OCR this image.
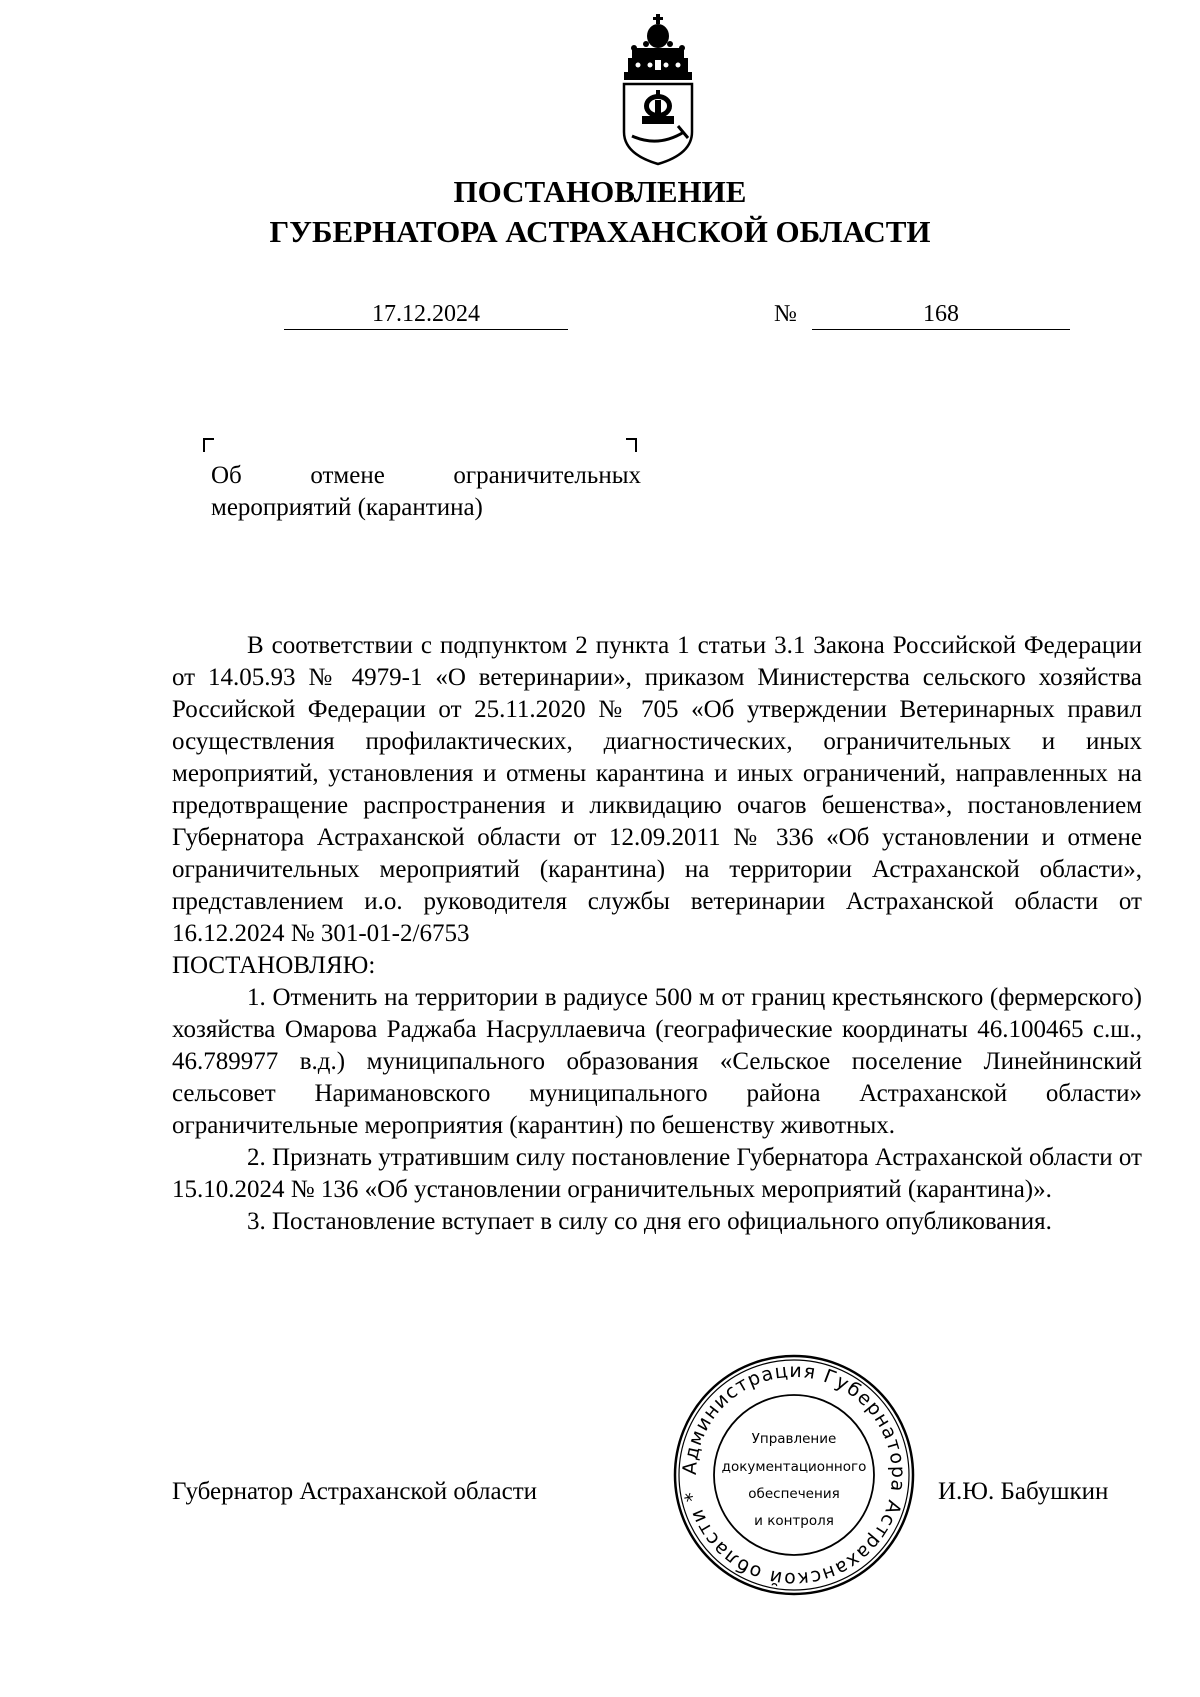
ПОСТАНОВЛЕНИЕ
ГУБЕРНАТОРА АСТРАХАНСКОЙ ОБЛАСТИ
17.12.2024	№	168

Об отмене ограничительных
мероприятий (карантина)

В соответствии с подпунктом 2 пункта 1 статьи 3.1 Закона Российской Федерации от 14.05.93 № 4979-1 «О ветеринарии», приказом Министерства сельского хозяйства Российской Федерации от 25.11.2020 № 705 «Об утверждении Ветеринарных правил осуществления профилактических, диагностических, ограничительных и иных мероприятий, установления и отмены карантина и иных ограничений, направленных на предотвращение распространения и ликвидацию очагов бешенства», постановлением Губернатора Астраханской области от 12.09.2011 № 336 «Об установлении и отмене ограничительных мероприятий (карантина) на территории Астраханской области», представлением и.о. руководителя службы ветеринарии Астраханской области от 16.12.2024 № 301-01-2/6753

ПОСТАНОВЛЯЮ:

1. Отменить на территории в радиусе 500 м от границ крестьянского (фермерского) хозяйства Омарова Раджаба Насруллаевича (географические координаты 46.100465 с.ш., 46.789977 в.д.) муниципального образования «Сельское поселение Линейнинский сельсовет Наримановского муниципального района Астраханской области» ограничительные мероприятия (карантин) по бешенству животных.

2. Признать утратившим силу постановление Губернатора Астраханской области от 15.10.2024 № 136 «Об установлении ограничительных мероприятий (карантина)».

3. Постановление вступает в силу со дня его официального опубликования.

Администрация Губернатора Астраханской области *
Управление
документационного
обеспечения
и контроля
Губернатор Астраханской области	И.Ю. Бабушкин
